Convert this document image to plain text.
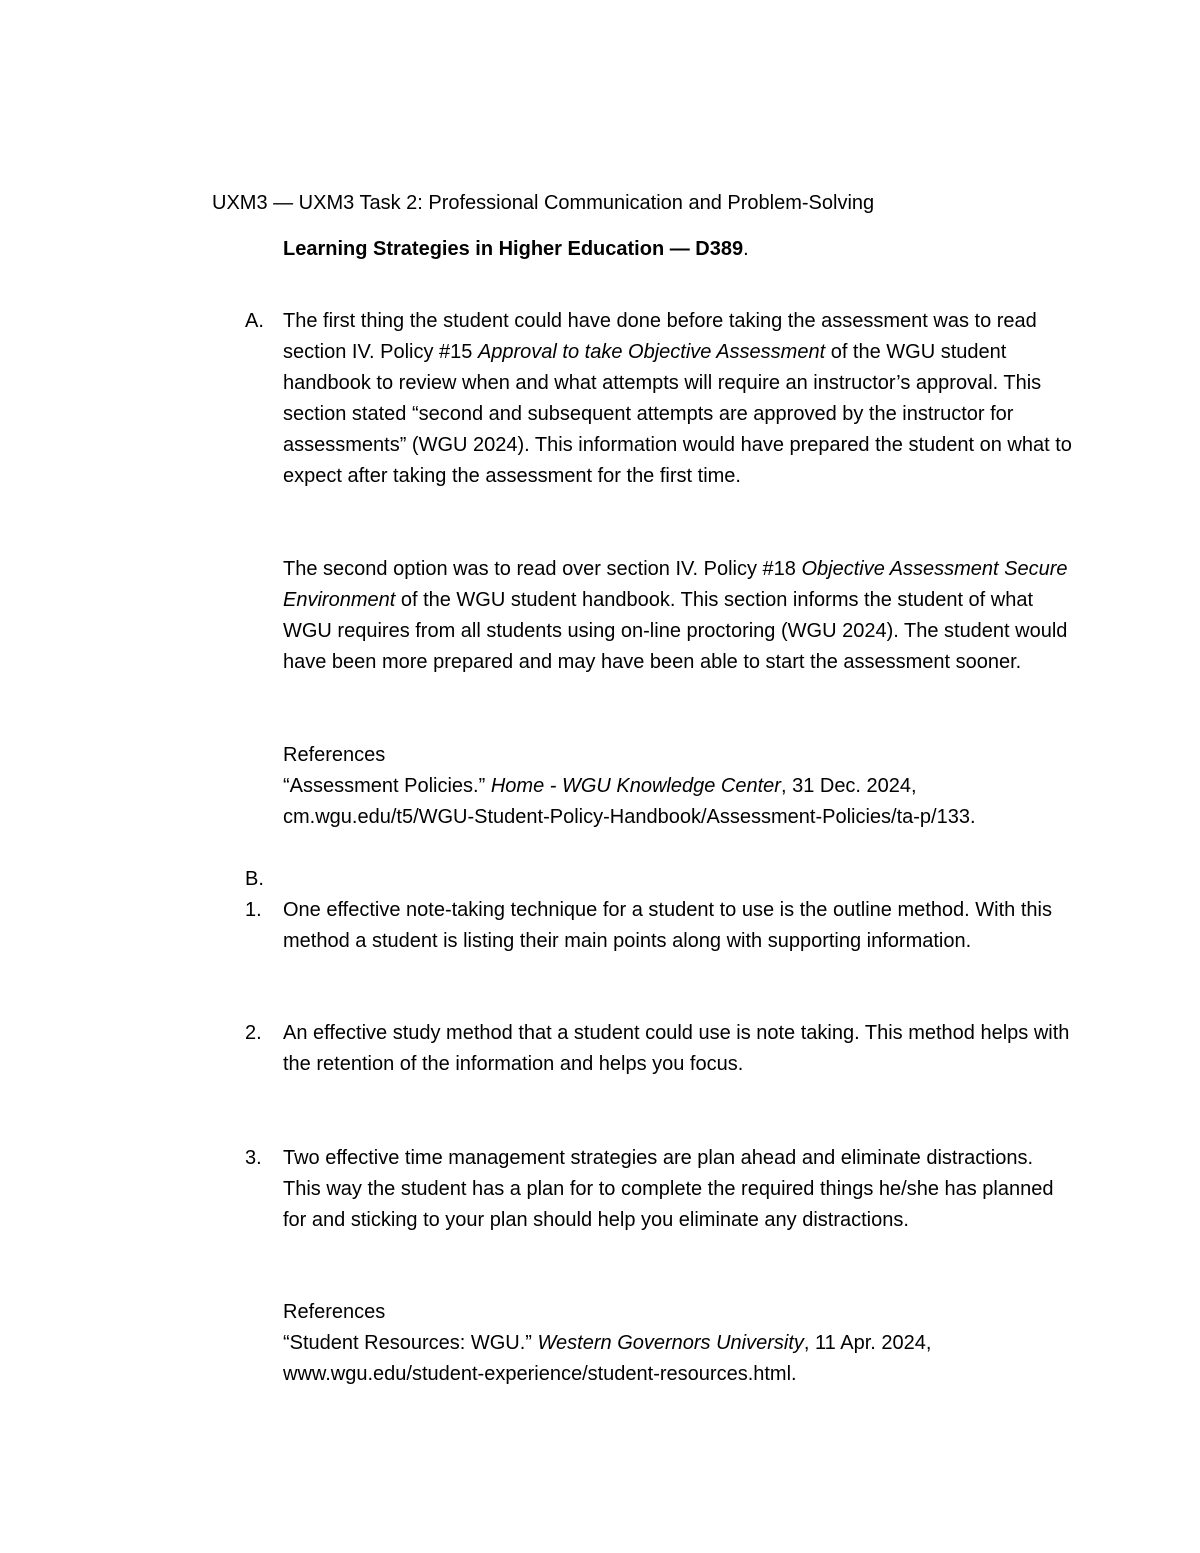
UXM3 — UXM3 Task 2: Professional Communication and Problem-Solving
Learning Strategies in Higher Education — D389.
A. The first thing the student could have done before taking the assessment was to read section IV. Policy #15 Approval to take Objective Assessment of the WGU student handbook to review when and what attempts will require an instructor’s approval. This section stated “second and subsequent attempts are approved by the instructor for assessments” (WGU 2024). This information would have prepared the student on what to expect after taking the assessment for the first time.

The second option was to read over section IV. Policy #18 Objective Assessment Secure Environment of the WGU student handbook. This section informs the student of what WGU requires from all students using on-line proctoring (WGU 2024). The student would have been more prepared and may have been able to start the assessment sooner.

References
“Assessment Policies.” Home - WGU Knowledge Center, 31 Dec. 2024, cm.wgu.edu/t5/WGU-Student-Policy-Handbook/Assessment-Policies/ta-p/133.
B.
1. One effective note-taking technique for a student to use is the outline method. With this method a student is listing their main points along with supporting information.
2. An effective study method that a student could use is note taking. This method helps with the retention of the information and helps you focus.
3. Two effective time management strategies are plan ahead and eliminate distractions. This way the student has a plan for to complete the required things he/she has planned for and sticking to your plan should help you eliminate any distractions.
References
“Student Resources: WGU.” Western Governors University, 11 Apr. 2024, www.wgu.edu/student-experience/student-resources.html.
